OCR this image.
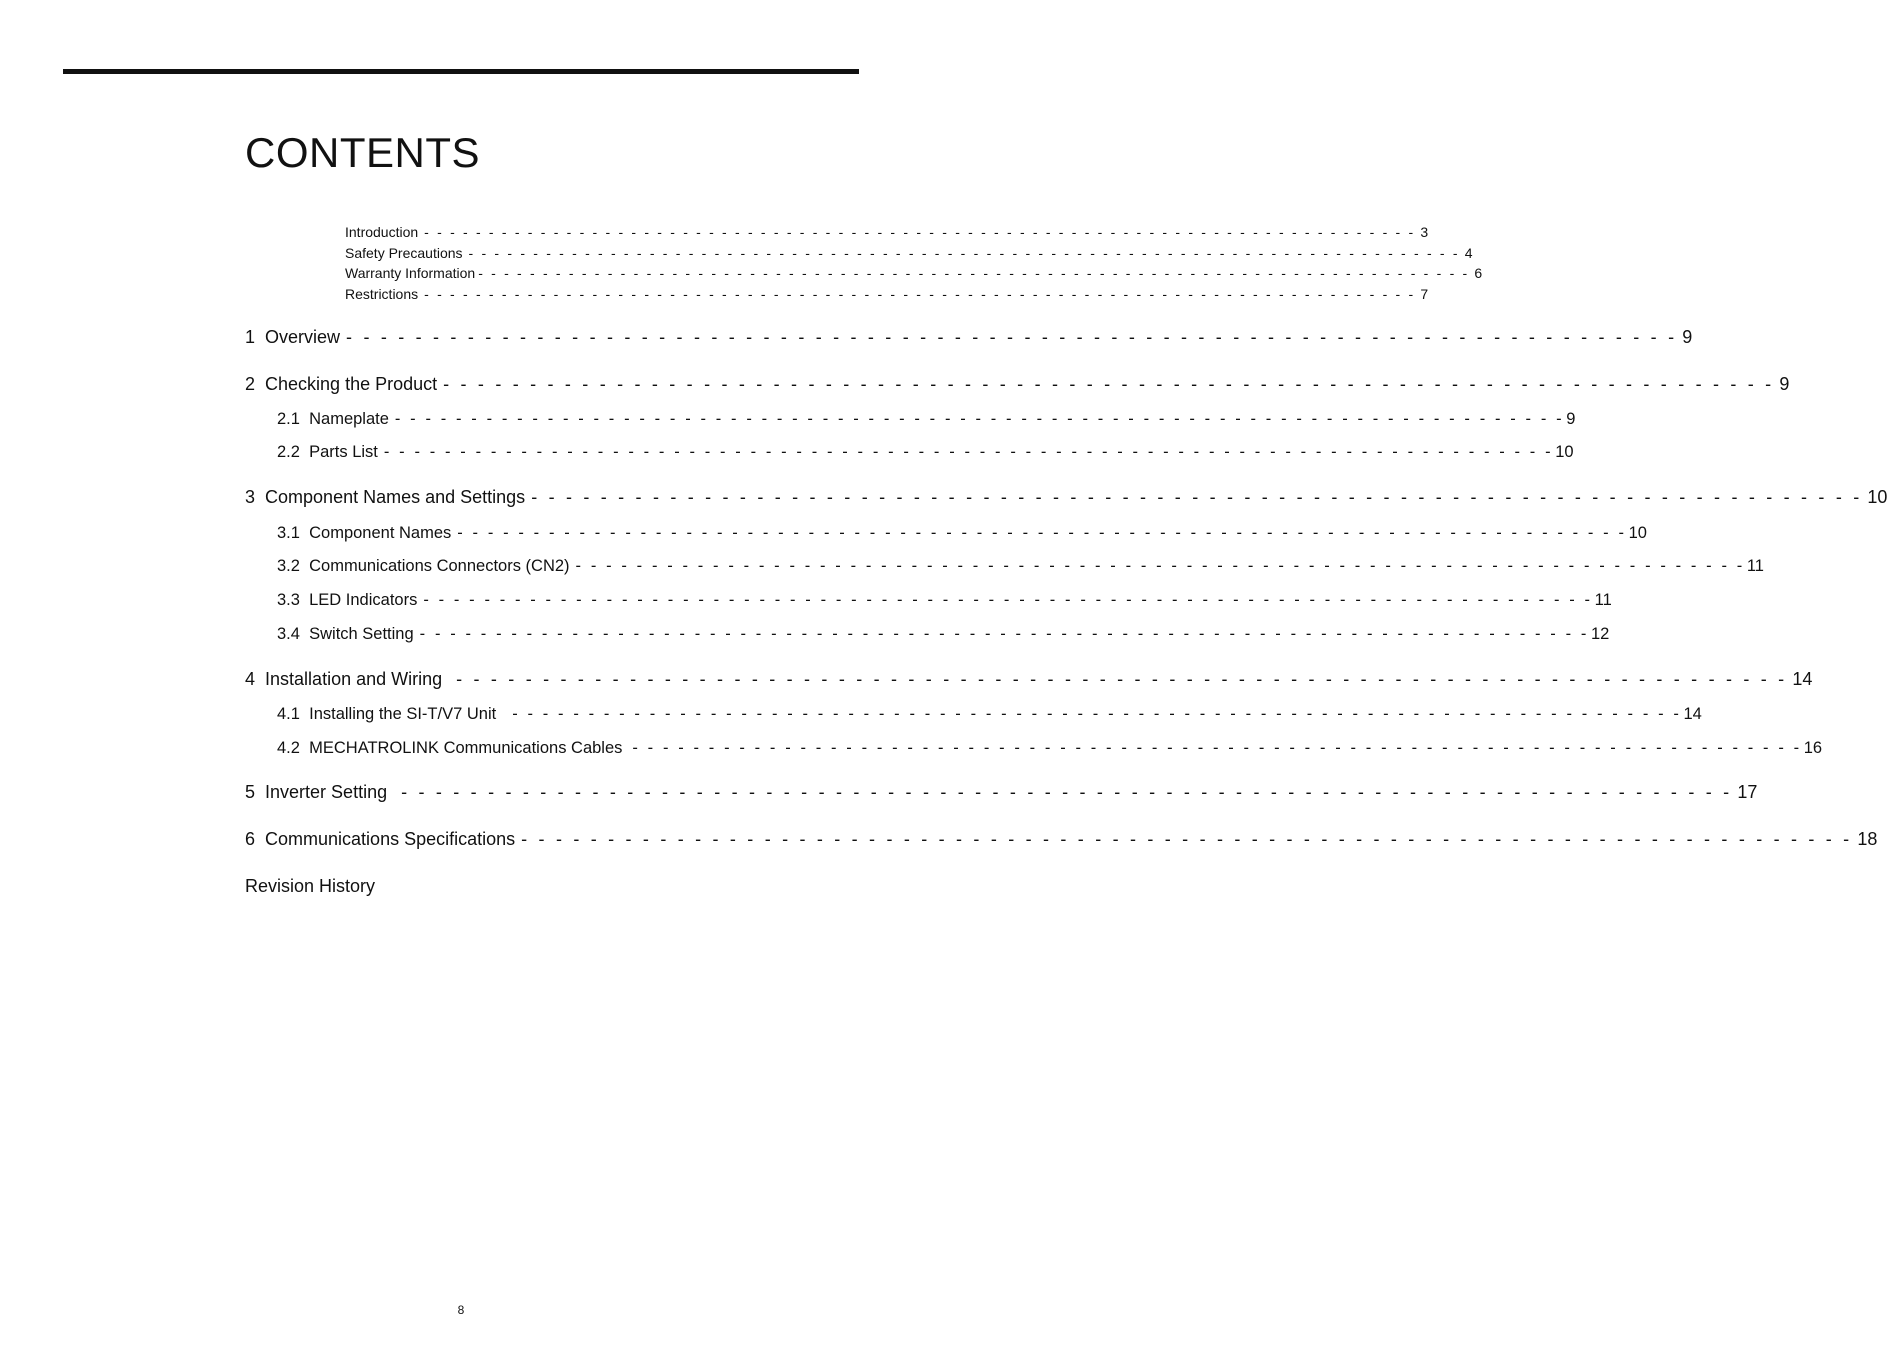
CONTENTS
Introduction - - - - - - - - - - - - - - - - - - - - - - - - - - - - - - - - - - - - - - - - - - - - - - - - - - - - - - - - - - - - - - - - - - - - - - - - - - - - - 3
Safety Precautions - - - - - - - - - - - - - - - - - - - - - - - - - - - - - - - - - - - - - - - - - - - - - - - - - - - - - - - - - - - - - - - - - - - - - - - - - - - - - 4
Warranty Information - - - - - - - - - - - - - - - - - - - - - - - - - - - - - - - - - - - - - - - - - - - - - - - - - - - - - - - - - - - - - - - - - - - - - - - - - - - - - 6
Restrictions - - - - - - - - - - - - - - - - - - - - - - - - - - - - - - - - - - - - - - - - - - - - - - - - - - - - - - - - - - - - - - - - - - - - - - - - - - - - - 7
1 Overview - - - - - - - - - - - - - - - - - - - - - - - - - - - - - - - - - - - - - - - - - - - - - - - - - - - - - - - - - - - - - - - - - - - - - - - - - - - - - 9
2 Checking the Product - - - - - - - - - - - - - - - - - - - - - - - - - - - - - - - - - - - - - - - - - - - - - - - - - - - - - - - - - - - - - - - - - - - - - - - - - - - - - 9
2.1 Nameplate - - - - - - - - - - - - - - - - - - - - - - - - - - - - - - - - - - - - - - - - - - - - - - - - - - - - - - - - - - - - - - - - - - - - - - - - - - - - - 9
2.2 Parts List - - - - - - - - - - - - - - - - - - - - - - - - - - - - - - - - - - - - - - - - - - - - - - - - - - - - - - - - - - - - - - - - - - - - - - - - - - - - - 10
3 Component Names and Settings - - - - - - - - - - - - - - - - - - - - - - - - - - - - - - - - - - - - - - - - - - - - - - - - - - - - - - - - - - - - - - - - - - - - - - - - - - - - - 10
3.1 Component Names - - - - - - - - - - - - - - - - - - - - - - - - - - - - - - - - - - - - - - - - - - - - - - - - - - - - - - - - - - - - - - - - - - - - - - - - - - - - - 10
3.2 Communications Connectors (CN2) - - - - - - - - - - - - - - - - - - - - - - - - - - - - - - - - - - - - - - - - - - - - - - - - - - - - - - - - - - - - - - - - - - - - - - - - - - - - - 11
3.3 LED Indicators - - - - - - - - - - - - - - - - - - - - - - - - - - - - - - - - - - - - - - - - - - - - - - - - - - - - - - - - - - - - - - - - - - - - - - - - - - - - - 11
3.4 Switch Setting - - - - - - - - - - - - - - - - - - - - - - - - - - - - - - - - - - - - - - - - - - - - - - - - - - - - - - - - - - - - - - - - - - - - - - - - - - - - - 12
4 Installation and Wiring - - - - - - - - - - - - - - - - - - - - - - - - - - - - - - - - - - - - - - - - - - - - - - - - - - - - - - - - - - - - - - - - - - - - - - - - - - - - - 14
4.1 Installing the SI-T/V7 Unit - - - - - - - - - - - - - - - - - - - - - - - - - - - - - - - - - - - - - - - - - - - - - - - - - - - - - - - - - - - - - - - - - - - - - - - - - - - - - 14
4.2 MECHATROLINK Communications Cables - - - - - - - - - - - - - - - - - - - - - - - - - - - - - - - - - - - - - - - - - - - - - - - - - - - - - - - - - - - - - - - - - - - - - - - - - - - - - 16
5 Inverter Setting - - - - - - - - - - - - - - - - - - - - - - - - - - - - - - - - - - - - - - - - - - - - - - - - - - - - - - - - - - - - - - - - - - - - - - - - - - - - - 17
6 Communications Specifications - - - - - - - - - - - - - - - - - - - - - - - - - - - - - - - - - - - - - - - - - - - - - - - - - - - - - - - - - - - - - - - - - - - - - - - - - - - - - 18
Revision History
8
